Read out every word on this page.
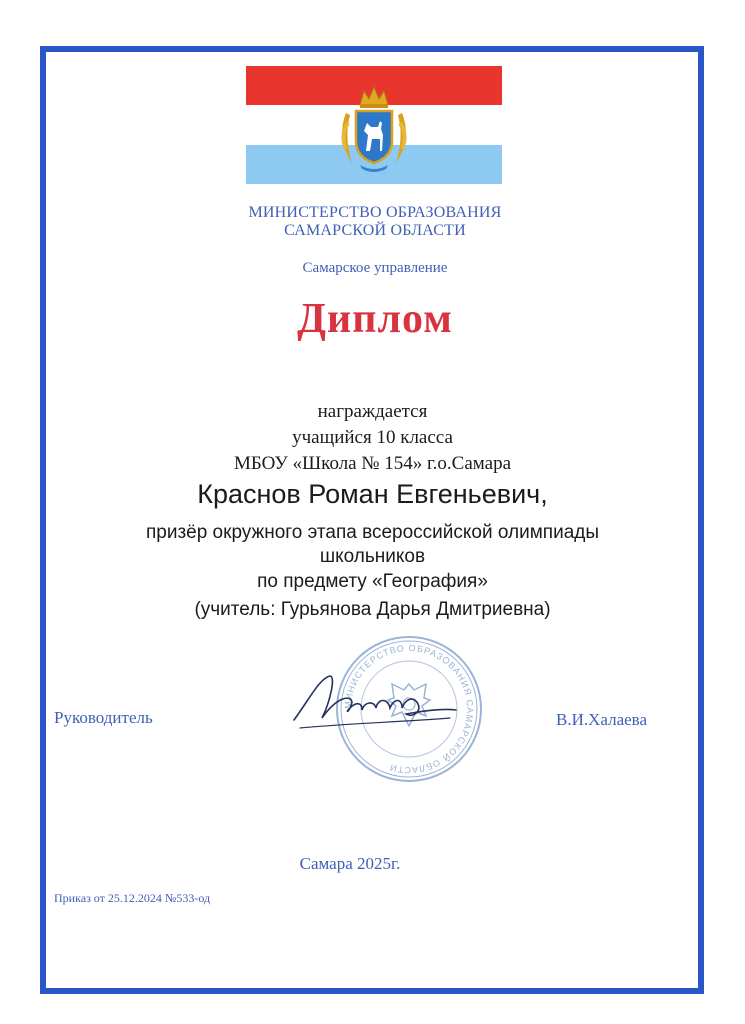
МИНИСТЕРСТВО ОБРАЗОВАНИЯ
САМАРСКОЙ ОБЛАСТИ
Самарское управление
Диплом
награждается
учащийся 10 класса
МБОУ «Школа № 154» г.о.Самара
Краснов Роман Евгеньевич,
призёр окружного этапа всероссийской олимпиады
школьников
по предмету «География»
(учитель: Гурьянова Дарья Дмитриевна)
Руководитель
МИНИСТЕРСТВО ОБРАЗОВАНИЯ САМАРСКОЙ ОБЛАСТИ
В.И.Халаева
Самара 2025г.
Приказ от 25.12.2024 №533-од
